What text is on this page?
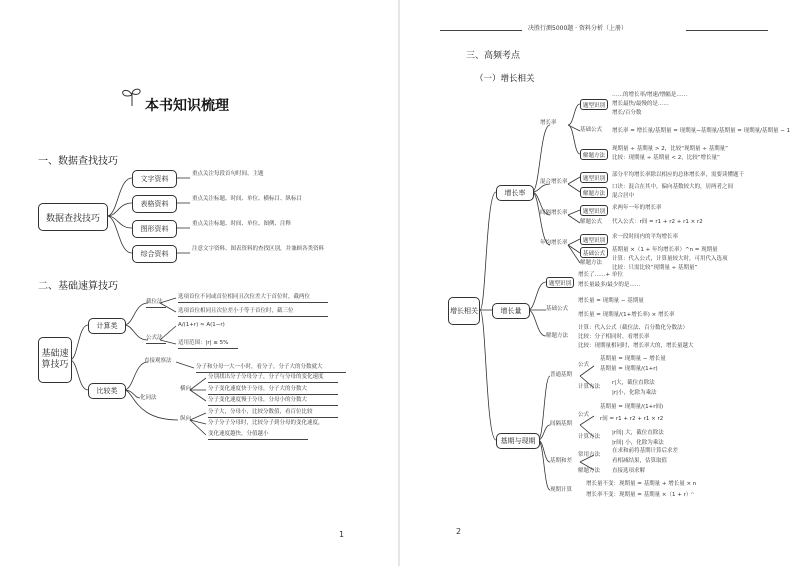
本书知识梳理
一、数据查找技巧
数据查找技巧
文字资料
表格资料
图形资料
综合资料
重点关注每段首句时间、主题
重点关注标题、时间、单位、横标目、纵标目
重点关注标题、时间、单位、图例、注释
注意文字资料、图表资料的查找区别，并兼顾各类资料
二、基础速算技巧
基础速算技巧
计算类
比较类
截位法
公式法
选项首位不同或首位相同且次位差大于首位时，截两位
选项首位相同且次位差小于等于首位时，截三位
A/(1+r) ≈ A(1−r)
适用范围：|r| ≤ 5%
直接观察法
分子和分母一大一小时，看分子，分子大的分数就大
化同法
横向
分别找出分子分母分子，分子与分母的变化速度
分子变化速度快于分母，分子大的分数大
分子变化速度慢于分母，分母小的分数大
纵向
分子大，分母小，比较分数值，看百位比较
分子分子分母时，比较分子到分母的变化速度，
变化速度越快，分值越小
1
决胜行测5000题 · 资料分析（上册）
三、高频考点
（一）增长相关
增长相关
增长率
增长量
基期与现期
增长率
混合增长率
间隔增长率
年均增长率
题型识别
……的增长率/增速/增幅是……
增长最快/最慢的是……
增长/百分数
基础公式 增长率 = 增长量/基期量 = 现期量−基期量/基期量 = 现期量/基期量 − 1
解题方法
现期量 ÷ 基期量 > 2，比较“现期量 ÷ 基期量”
比较：现期量 ÷ 基期量 < 2，比较“增长量”
题型识别
部分平均增长率除以相应的总体增长率，需要读懂题干
解题方法
口诀：混合在其中，偏向基数较大的，居两者之间
混合居中
题型识别
求两年一年的增长率
解题公式 代入公式：r间 = r1 + r2 + r1 × r2
题型识别
求一段时间内的平均增长率
基础公式
基期量 ×（1 + 年均增长率）^n = 现期量
解题方法
计算：代入公式，计算量较大时，可用代入选项
比较：只需比较“现期量 ÷ 基期量”
题型识别
增长了……+ 单位
增长量最多/最少的是……
基础公式
增长量 = 现期量 − 基期量
增长量 = 现期量/(1+增长率) × 增长率
解题方法
计算：代入公式（截位法、百分数化分数法）
比较：分子相同时，看增长率
比较：现期量相同时，增长率大的，增长量越大
普通基期
公式
基期量 = 现期量 − 增长量
基期量 = 现期量/(1+r)
计算方法
r|大，截位直除法
|r|小，化除为乘法
间隔基期
公式
基期量 = 现期量/(1+r间)
r间 = r1 + r2 + r1 × r2
计算方法
|r间| 大，截位直除法
|r间| 小，化除为乘法
基期和差
常用方法
在求和前将基期计算后求差
看相减结果，估算取值
解题方法 直接选项求解
现期计算
增长量不变：现期量 = 基期量 + 增长量 × n
增长率不变：现期量 = 基期量 ×（1 + r）ⁿ
2
